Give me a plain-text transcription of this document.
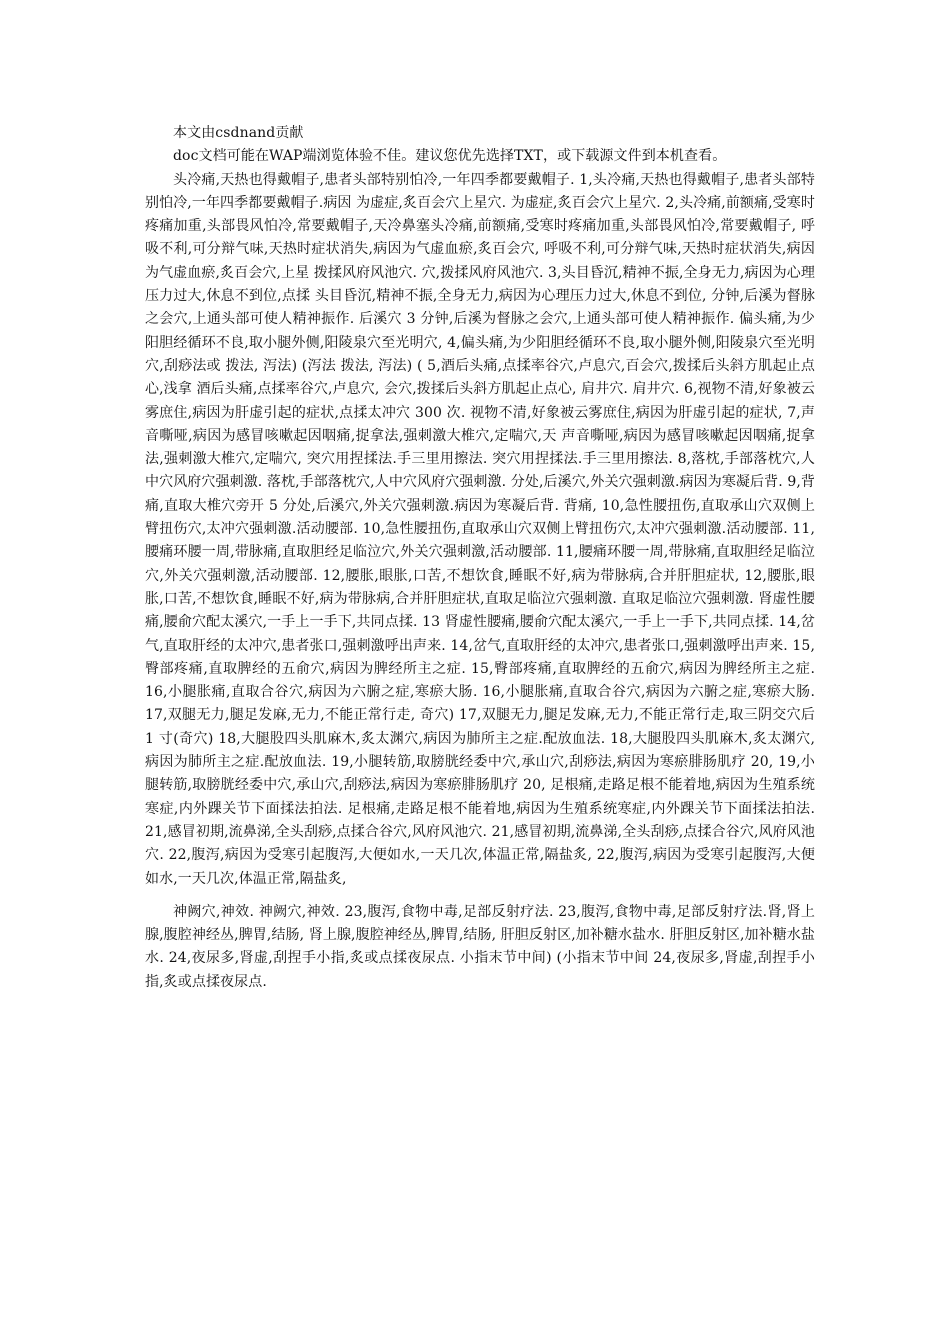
本文由csdnand贡献

doc文档可能在WAP端浏览体验不佳。建议您优先选择TXT，或下载源文件到本机查看。

头冷痛,天热也得戴帽子,患者头部特别怕冷,一年四季都要戴帽子. 1,头冷痛,天热也得戴帽子,患者头部特别怕冷,一年四季都要戴帽子.病因 为虚症,炙百会穴上星穴. 为虚症,炙百会穴上星穴. 2,头冷痛,前额痛,受寒时疼痛加重,头部畏风怕冷,常要戴帽子,天冷鼻塞头冷痛,前额痛,受寒时疼痛加重,头部畏风怕冷,常要戴帽子, 呼吸不利,可分辩气味,天热时症状消失,病因为气虚血瘀,炙百会穴, 呼吸不利,可分辩气味,天热时症状消失,病因为气虚血瘀,炙百会穴,上星 拨揉风府风池穴. 穴,拨揉风府风池穴. 3,头目昏沉,精神不振,全身无力,病因为心理压力过大,休息不到位,点揉 头目昏沉,精神不振,全身无力,病因为心理压力过大,休息不到位, 分钟,后溪为督脉之会穴,上通头部可使人精神振作. 后溪穴 3 分钟,后溪为督脉之会穴,上通头部可使人精神振作. 偏头痛,为少阳胆经循环不良,取小腿外侧,阳陵泉穴至光明穴, 4,偏头痛,为少阳胆经循环不良,取小腿外侧,阳陵泉穴至光明穴,刮痧法或 拨法, 泻法) (泻法 拨法, 泻法) ( 5,酒后头痛,点揉率谷穴,卢息穴,百会穴,拨揉后头斜方肌起止点心,浅拿 酒后头痛,点揉率谷穴,卢息穴, 会穴,拨揉后头斜方肌起止点心, 肩井穴. 肩井穴. 6,视物不清,好象被云雾庶住,病因为肝虚引起的症状,点揉太冲穴 300 次. 视物不清,好象被云雾庶住,病因为肝虚引起的症状, 7,声音嘶哑,病因为感冒咳嗽起因咽痛,捉拿法,强刺激大椎穴,定喘穴,天 声音嘶哑,病因为感冒咳嗽起因咽痛,捉拿法,强刺激大椎穴,定喘穴, 突穴用捏揉法.手三里用擦法. 突穴用捏揉法.手三里用擦法. 8,落枕,手部落枕穴,人中穴风府穴强刺激. 落枕,手部落枕穴,人中穴风府穴强刺激. 分处,后溪穴,外关穴强刺激.病因为寒凝后背. 9,背痛,直取大椎穴旁开 5 分处,后溪穴,外关穴强刺激.病因为寒凝后背. 背痛, 10,急性腰扭伤,直取承山穴双侧上臂扭伤穴,太冲穴强刺激.活动腰部. 10,急性腰扭伤,直取承山穴双侧上臂扭伤穴,太冲穴强刺激.活动腰部. 11,腰痛环腰一周,带脉痛,直取胆经足临泣穴,外关穴强刺激,活动腰部. 11,腰痛环腰一周,带脉痛,直取胆经足临泣穴,外关穴强刺激,活动腰部. 12,腰胀,眼胀,口苦,不想饮食,睡眠不好,病为带脉病,合并肝胆症状, 12,腰胀,眼胀,口苦,不想饮食,睡眠不好,病为带脉病,合并肝胆症状,直取足临泣穴强刺激. 直取足临泣穴强刺激. 肾虚性腰痛,腰俞穴配太溪穴,一手上一手下,共同点揉. 13 肾虚性腰痛,腰俞穴配太溪穴,一手上一手下,共同点揉. 14,岔气,直取肝经的太冲穴,患者张口,强刺激呼出声来. 14,岔气,直取肝经的太冲穴,患者张口,强刺激呼出声来. 15,臀部疼痛,直取脾经的五俞穴,病因为脾经所主之症. 15,臀部疼痛,直取脾经的五俞穴,病因为脾经所主之症. 16,小腿胀痛,直取合谷穴,病因为六腑之症,寒瘀大肠. 16,小腿胀痛,直取合谷穴,病因为六腑之症,寒瘀大肠. 17,双腿无力,腿足发麻,无力,不能正常行走, 奇穴) 17,双腿无力,腿足发麻,无力,不能正常行走,取三阴交穴后 1 寸(奇穴) 18,大腿股四头肌麻木,炙太渊穴,病因为肺所主之症.配放血法. 18,大腿股四头肌麻木,炙太渊穴,病因为肺所主之症.配放血法. 19,小腿转筋,取膀胱经委中穴,承山穴,刮痧法,病因为寒瘀腓肠肌疗 20, 19,小腿转筋,取膀胱经委中穴,承山穴,刮痧法,病因为寒瘀腓肠肌疗 20, 足根痛,走路足根不能着地,病因为生殖系统寒症,内外踝关节下面揉法拍法. 足根痛,走路足根不能着地,病因为生殖系统寒症,内外踝关节下面揉法拍法. 21,感冒初期,流鼻涕,全头刮痧,点揉合谷穴,风府风池穴. 21,感冒初期,流鼻涕,全头刮痧,点揉合谷穴,风府风池穴. 22,腹泻,病因为受寒引起腹泻,大便如水,一天几次,体温正常,隔盐炙, 22,腹泻,病因为受寒引起腹泻,大便如水,一天几次,体温正常,隔盐炙,

神阙穴,神效. 神阙穴,神效. 23,腹泻,食物中毒,足部反射疗法. 23,腹泻,食物中毒,足部反射疗法.肾,肾上腺,腹腔神经丛,脾胃,结肠, 肾上腺,腹腔神经丛,脾胃,结肠, 肝胆反射区,加补糖水盐水. 肝胆反射区,加补糖水盐水. 24,夜尿多,肾虚,刮捏手小指,炙或点揉夜尿点. 小指末节中间) (小指末节中间 24,夜尿多,肾虚,刮捏手小指,炙或点揉夜尿点.
